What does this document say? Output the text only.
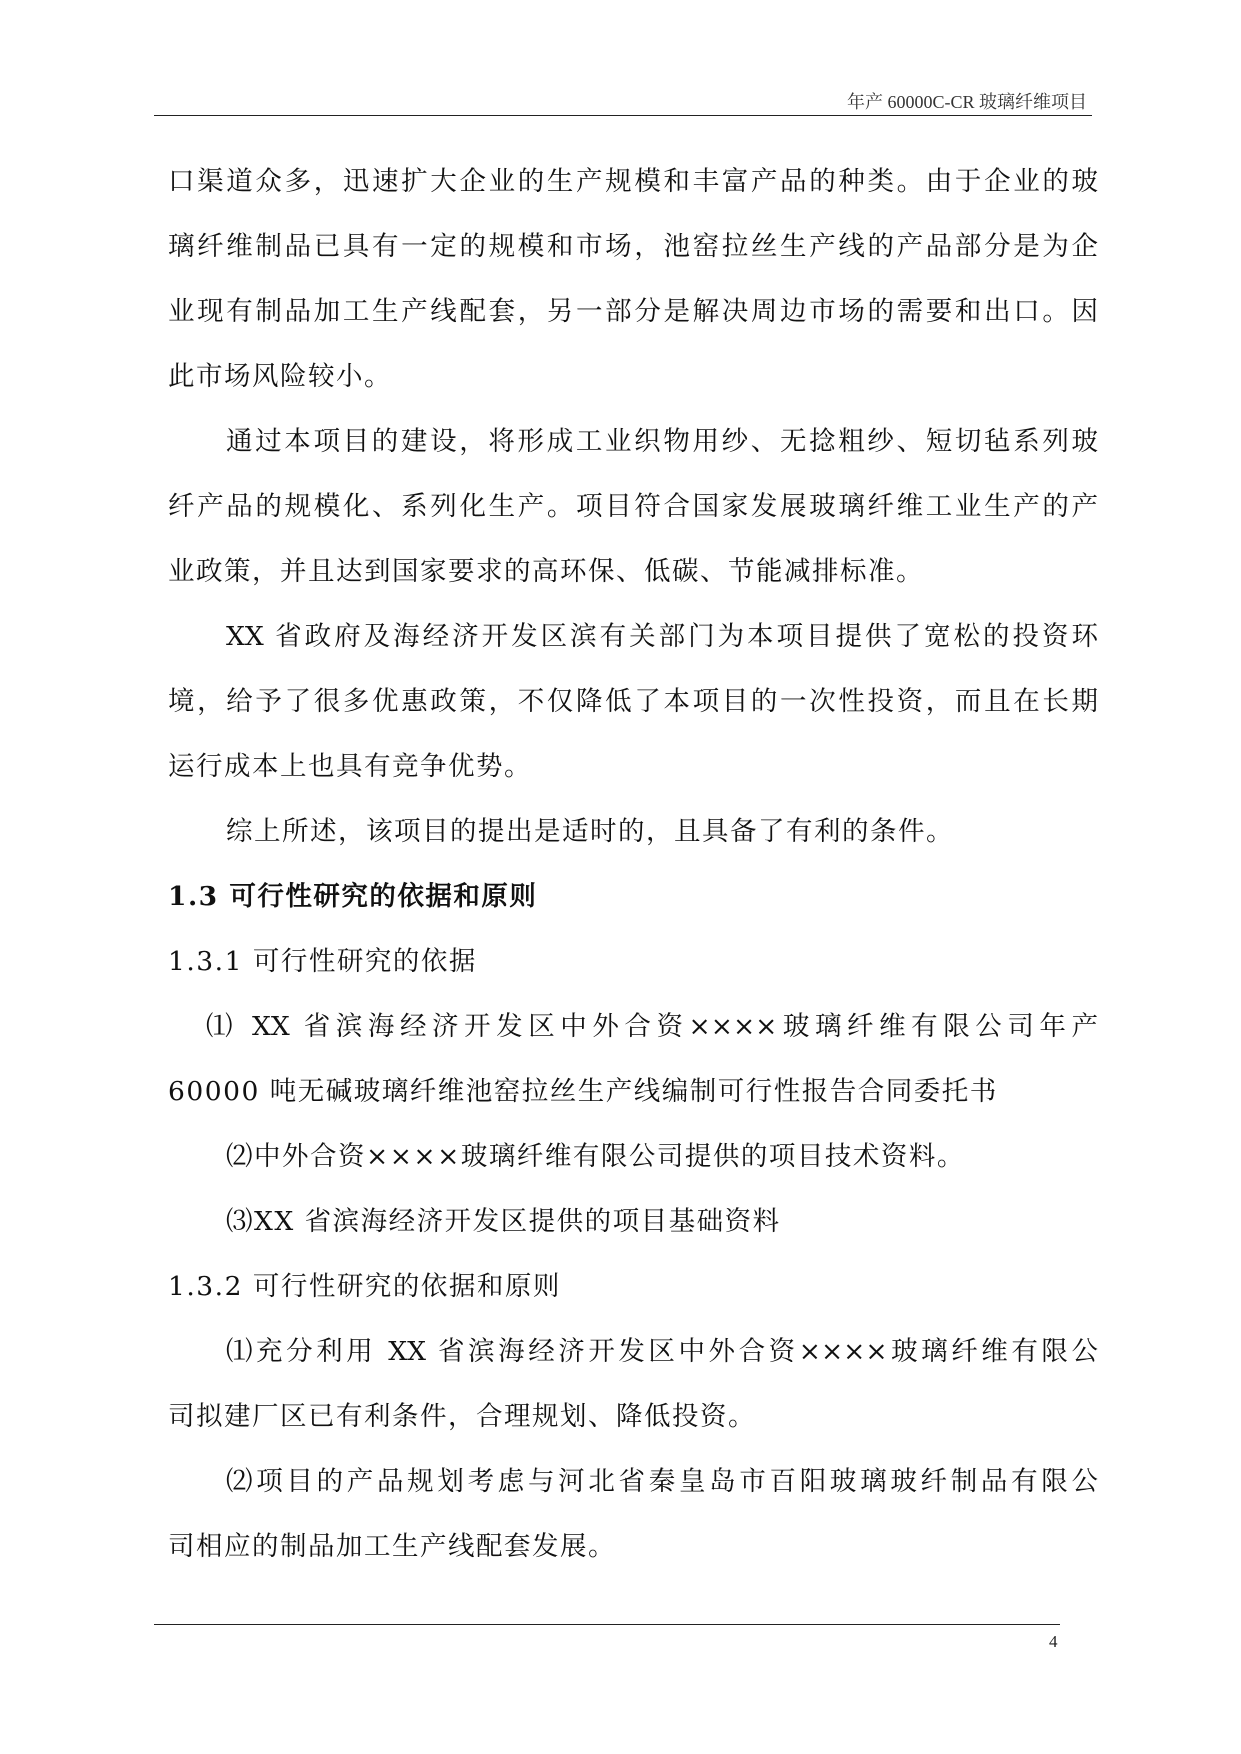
年产 60000C-CR 玻璃纤维项目
口渠道众多，迅速扩大企业的生产规模和丰富产品的种类。由于企业的玻
璃纤维制品已具有一定的规模和市场，池窑拉丝生产线的产品部分是为企
业现有制品加工生产线配套，另一部分是解决周边市场的需要和出口。因
此市场风险较小。
通过本项目的建设，将形成工业织物用纱、无捻粗纱、短切毡系列玻
纤产品的规模化、系列化生产。项目符合国家发展玻璃纤维工业生产的产
业政策，并且达到国家要求的高环保、低碳、节能减排标准。
XX 省政府及海经济开发区滨有关部门为本项目提供了宽松的投资环
境，给予了很多优惠政策，不仅降低了本项目的一次性投资，而且在长期
运行成本上也具有竞争优势。
综上所述，该项目的提出是适时的，且具备了有利的条件。
1.3 可行性研究的依据和原则
1.3.1 可行性研究的依据
⑴ XX 省滨海经济开发区中外合资××××玻璃纤维有限公司年产
60000 吨无碱玻璃纤维池窑拉丝生产线编制可行性报告合同委托书
⑵中外合资××××玻璃纤维有限公司提供的项目技术资料。
⑶XX 省滨海经济开发区提供的项目基础资料
1.3.2 可行性研究的依据和原则
⑴充分利用 XX 省滨海经济开发区中外合资××××玻璃纤维有限公
司拟建厂区已有利条件，合理规划、降低投资。
⑵项目的产品规划考虑与河北省秦皇岛市百阳玻璃玻纤制品有限公
司相应的制品加工生产线配套发展。
4
